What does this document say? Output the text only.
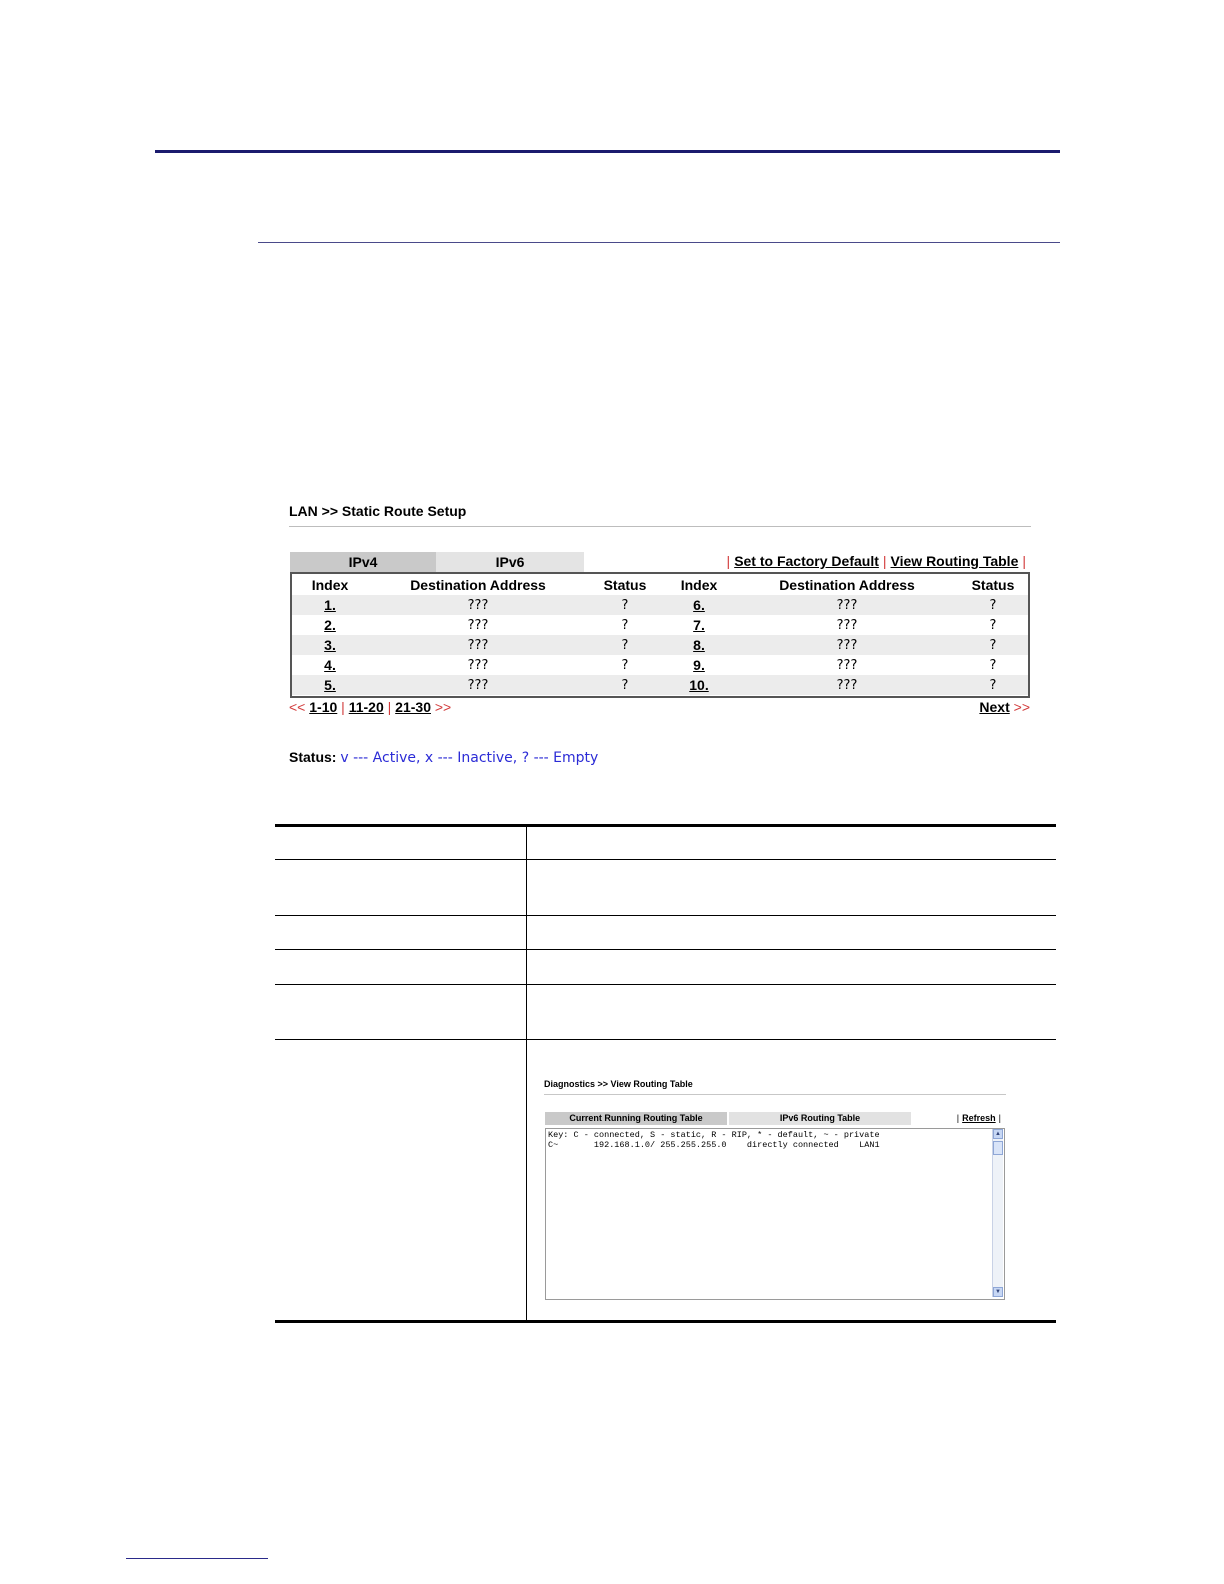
LAN >> Static Route Setup
IPv4	IPv6	| Set to Factory Default | View Routing Table |
Index	Destination Address	Status	Index	Destination Address	Status
1.	???	?	6.	???	?
2.	???	?	7.	???	?
3.	???	?	8.	???	?
4.	???	?	9.	???	?
5.	???	?	10.	???	?
<< 1-10 | 11-20 | 21-30 >>	Next >>
Status: v --- Active, x --- Inactive, ? --- Empty
Diagnostics >> View Routing Table
Current Running Routing Table	IPv6 Routing Table	| Refresh |
Key: C - connected, S - static, R - RIP, * - default, ~ - private
C~       192.168.1.0/ 255.255.255.0    directly connected    LAN1
▲
▼
